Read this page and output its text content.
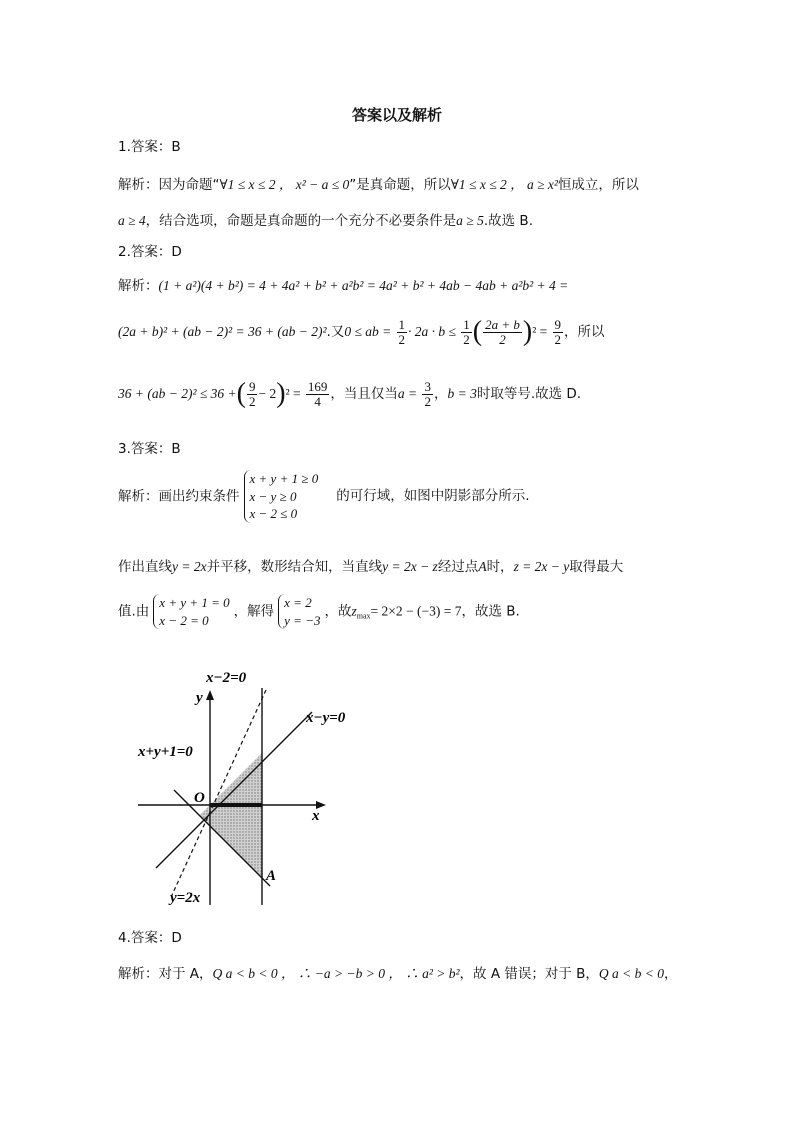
答案以及解析
1.答案：B
解析：因为命题“∀1 ≤ x ≤ 2 ， x² − a ≤ 0”是真命题，所以∀1 ≤ x ≤ 2 ， a ≥ x²恒成立，所以
a ≥ 4，结合选项，命题是真命题的一个充分不必要条件是a ≥ 5.故选 B.
2.答案：D
解析：(1 + a²)(4 + b²) = 4 + 4a² + b² + a²b² = 4a² + b² + 4ab − 4ab + a²b² + 4 =
(2a + b)² + (ab − 2)² = 36 + (ab − 2)².又0 ≤ ab = $\frac{1}{2} \cdot 2a \cdot b \le \frac{1}{2}$ ( $\frac{2a + b}{2} )^2 = \frac{9}{2}$ ，所以
36 + (ab − 2)² ≤ 36 +( $\frac{9}{2} - 2)^2 = \frac{169}{4}$ ，当且仅当$a = \frac{3}{2}$ ，b = 3时取等号.故选 D.
3.答案：B
解析：画出约束条件
x + y + 1 ≥ 0
x − y ≥ 0
x − 2 ≤ 0
的可行域，如图中阴影部分所示.
作出直线y = 2x并平移，数形结合知，当直线y = 2x − z经过点A时，z = 2x − y取得最大
值.由
x + y + 1 = 0
x − 2 = 0
，解得
x = 2
y = −3
，故$z_{max}= 2\times 2 - (-3) = 7$，故选 B.
x−2=0
y
x−y=0
x+y+1=0
O
x
A
y=2x
4.答案：D
解析：对于 A，Q a < b < 0 ， ∴ −a > −b > 0 ， ∴ a² > b²，故 A 错误；对于 B，Q a < b < 0，
